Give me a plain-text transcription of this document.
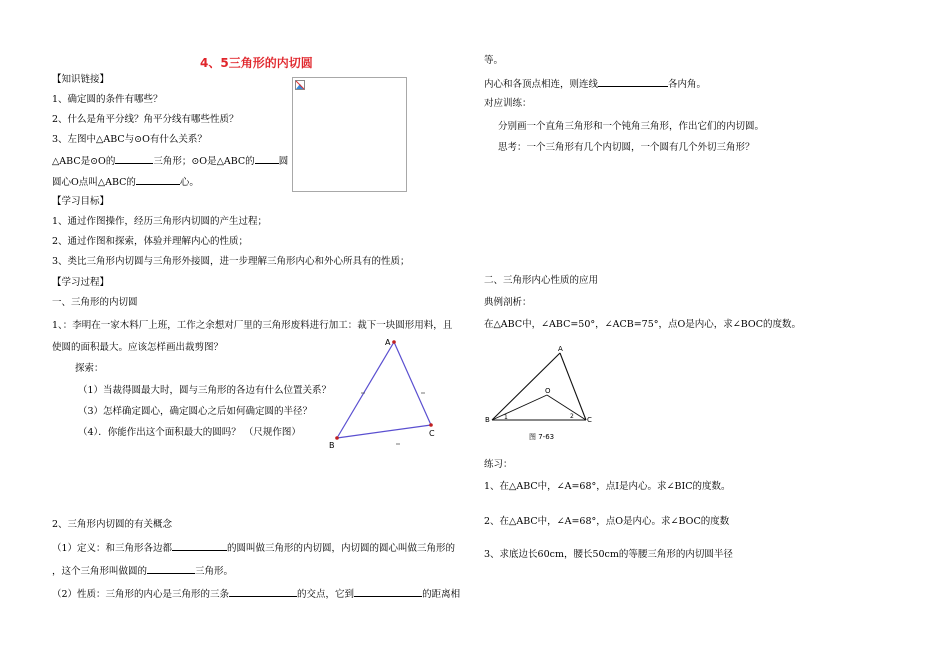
4、5三角形的内切圆
【知识链接】
1、确定圆的条件有哪些？
2、什么是角平分线？角平分线有哪些性质？
3、左图中△ABC与⊙O有什么关系？
△ABC是⊙O的	三角形；⊙O是△ABC的	圆
圆心O点叫△ABC的	心。
【学习目标】
1、通过作图操作，经历三角形内切圆的产生过程；
2、通过作图和探索，体验并理解内心的性质；
3、类比三角形内切圆与三角形外接圆，进一步理解三角形内心和外心所具有的性质；
【学习过程】
一、三角形的内切圆
1、：李明在一家木料厂上班，工作之余想对厂里的三角形废料进行加工：裁下一块圆形用料，且
使圆的面积最大。应该怎样画出裁剪图？
探索：
（1）当裁得圆最大时，圆与三角形的各边有什么位置关系？
（3）怎样确定圆心，确定圆心之后如何确定圆的半径？
（4）．你能作出这个面积最大的圆吗？ （尺规作图）
A
B
C
2、三角形内切圆的有关概念
（1）定义：和三角形各边都	的圆叫做三角形的内切圆，内切圆的圆心叫做三角形的
，这个三角形叫做圆的	三角形。
（2）性质：三角形的内心是三角形的三条	的交点，它到	的距离相
等。
内心和各顶点相连，则连线	各内角。
对应训练：
分别画一个直角三角形和一个钝角三角形，作出它们的内切圆。
思考：一个三角形有几个内切圆，一个圆有几个外切三角形？
二、三角形内心性质的应用
典例剖析：
在△ABC中，∠ABC=50°，∠ACB=75°，点O是内心，求∠BOC的度数。
A
O
B	C
1	2
图 7-63
练习：
1、在△ABC中，∠A=68°，点I是内心。求∠BIC的度数。
2、在△ABC中，∠A=68°，点O是内心。求∠BOC的度数
3、求底边长60cm，腰长50cm的等腰三角形的内切圆半径
